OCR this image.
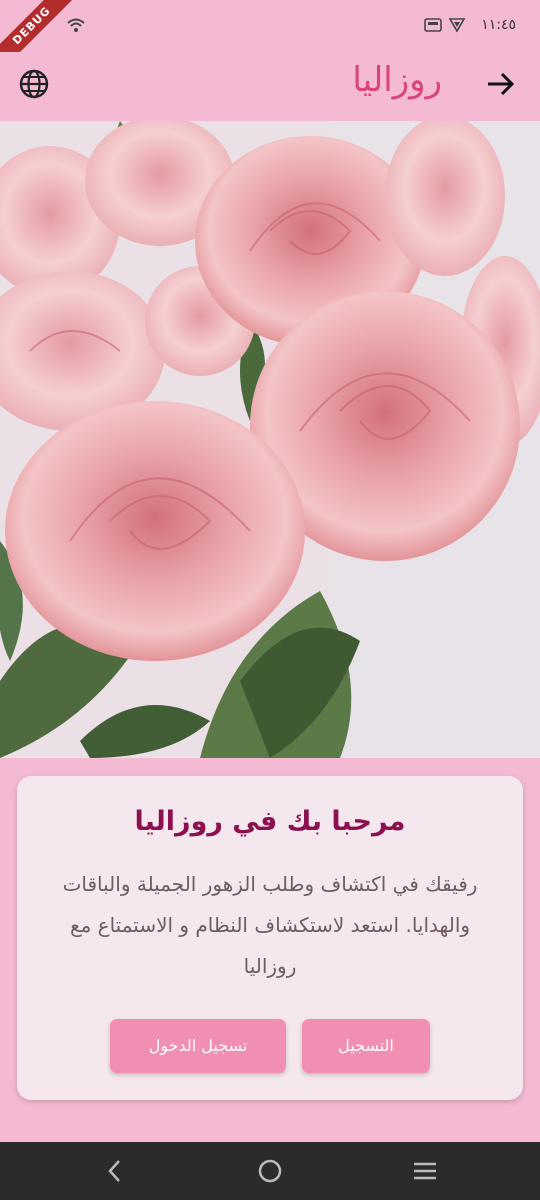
DEBUG	١١:٤٥
روزاليا
مرحبا بك في روزاليا
رفيقك في اكتشاف وطلب الزهور الجميلة والباقات والهدايا. استعد لاستكشاف النظام و الاستمتاع مع روزاليا
التسجيل
تسجيل الدخول
